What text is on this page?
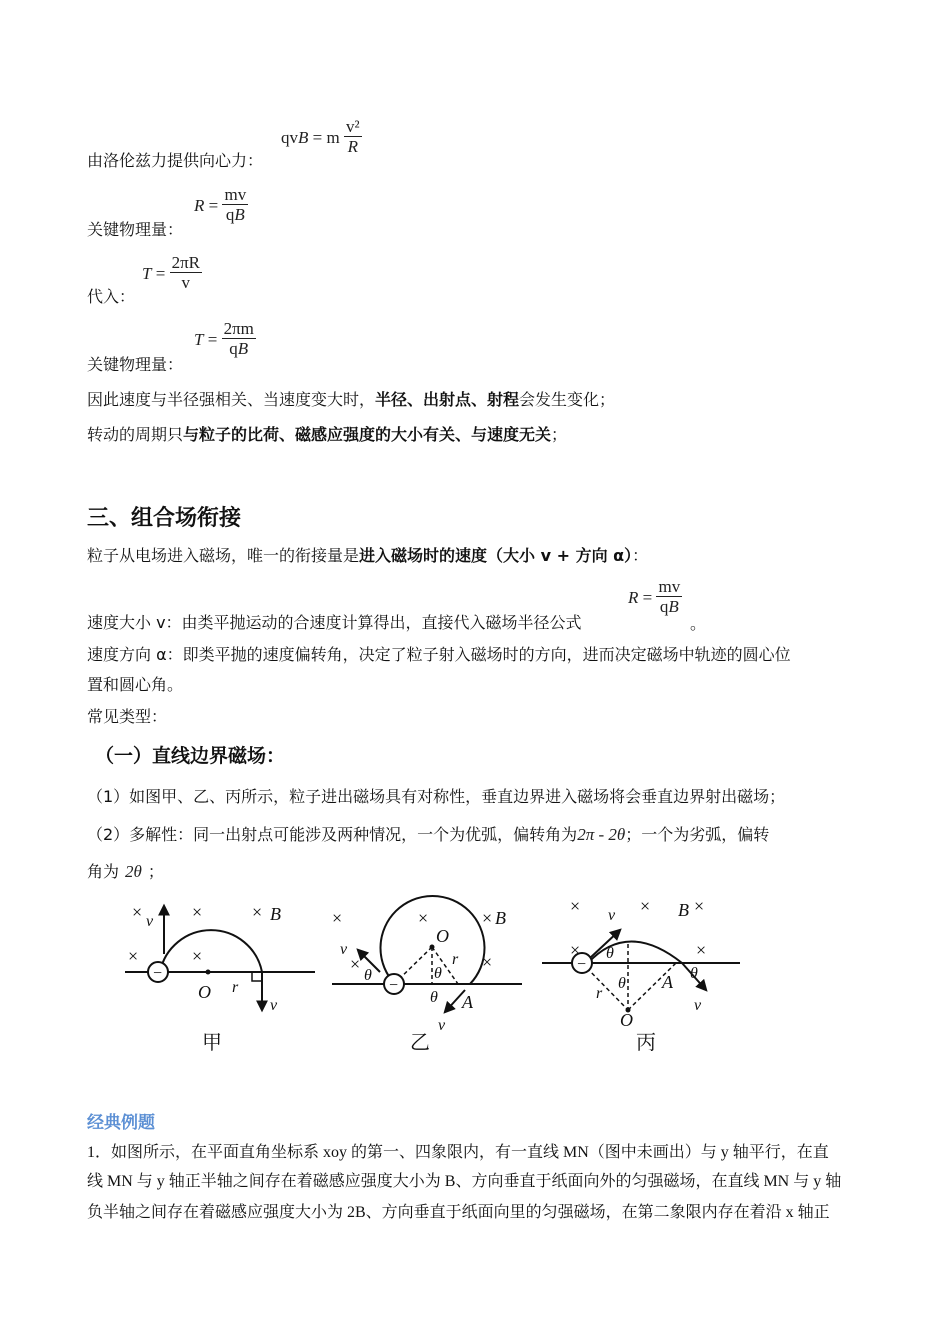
由洛伦兹力提供向心力：
qvB = m $\frac{\text{v²}}{R}$
关键物理量：
$R = \frac{mv}{qB}$
代入：
$T = \frac{2\pi R}{v}$
关键物理量：
$T = \frac{2\pi m}{qB}$
因此速度与半径强相关、当速度变大时，半径、出射点、射程会发生变化；
转动的周期只与粒子的比荷、磁感应强度的大小有关、与速度无关；
三、组合场衔接
粒子从电场进入磁场，唯一的衔接量是进入磁场时的速度（大小 v + 方向 α）：
速度大小 v：由类平抛运动的合速度计算得出，直接代入磁场半径公式
$R = \frac{mv}{qB}$
。
速度方向 α：即类平抛的速度偏转角，决定了粒子射入磁场时的方向，进而决定磁场中轨迹的圆心位
置和圆心角。
常见类型：
（一）直线边界磁场：
（1）如图甲、乙、丙所示，粒子进出磁场具有对称性，垂直边界进入磁场将会垂直边界射出磁场；
（2）多解性：同一出射点可能涉及两种情况，一个为优弧，偏转角为2π - 2θ；一个为劣弧，偏转
角为 2θ ；
−
×	×	×
×	×
B
v
O r
v
甲
−
×	×	×
×	×
B
v
O
θ	θ
θ
r
A
v
乙
−
×	×
×	×
B ×
v
θ
θ
θ
r
A
v
O
丙
经典例题
1．如图所示，在平面直角坐标系 xoy 的第一、四象限内，有一直线 MN（图中未画出）与 y 轴平行，在直
线 MN 与 y 轴正半轴之间存在着磁感应强度大小为 B、方向垂直于纸面向外的匀强磁场，在直线 MN 与 y 轴
负半轴之间存在着磁感应强度大小为 2B、方向垂直于纸面向里的匀强磁场，在第二象限内存在着沿 x 轴正
